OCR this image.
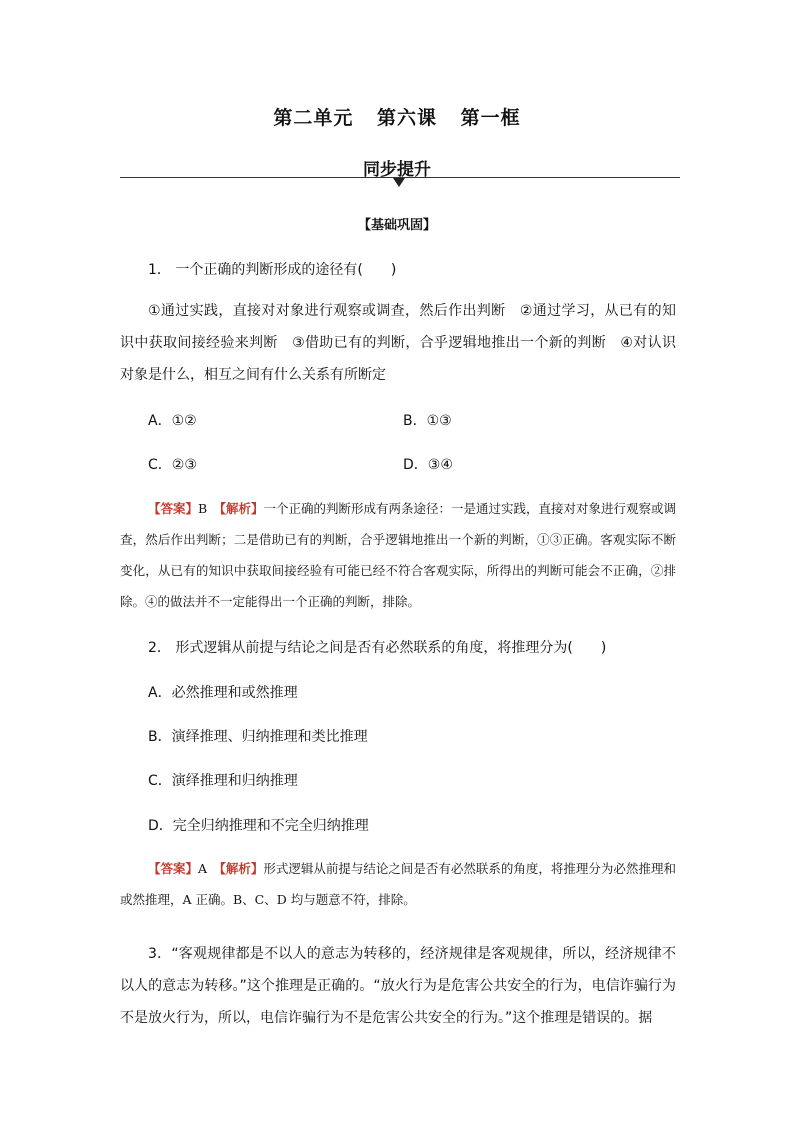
第二单元 第六课 第一框
同步提升
【基础巩固】
1． 一个正确的判断形成的途径有(　　)
①通过实践，直接对对象进行观察或调查，然后作出判断　②通过学习，从已有的知识中获取间接经验来判断　③借助已有的判断，合乎逻辑地推出一个新的判断　④对认识对象是什么，相互之间有什么关系有所断定
A．①②	B．①③
C．②③	D．③④
【答案】B　 【解析】一个正确的判断形成有两条途径：一是通过实践，直接对对象进行观察或调查，然后作出判断；二是借助已有的判断，合乎逻辑地推出一个新的判断，①③正确。客观实际不断变化，从已有的知识中获取间接经验有可能已经不符合客观实际，所得出的判断可能会不正确，②排除。④的做法并不一定能得出一个正确的判断，排除。
2． 形式逻辑从前提与结论之间是否有必然联系的角度，将推理分为(　　)
A．必然推理和或然推理
B．演绎推理、归纳推理和类比推理
C．演绎推理和归纳推理
D．完全归纳推理和不完全归纳推理
【答案】A　 【解析】形式逻辑从前提与结论之间是否有必然联系的角度，将推理分为必然推理和或然推理，A 正确。B、C、D 均与题意不符，排除。
3．“客观规律都是不以人的意志为转移的，经济规律是客观规律，所以，经济规律不以人的意志为转移。”这个推理是正确的。“放火行为是危害公共安全的行为，电信诈骗行为不是放火行为，所以，电信诈骗行为不是危害公共安全的行为。”这个推理是错误的。据
